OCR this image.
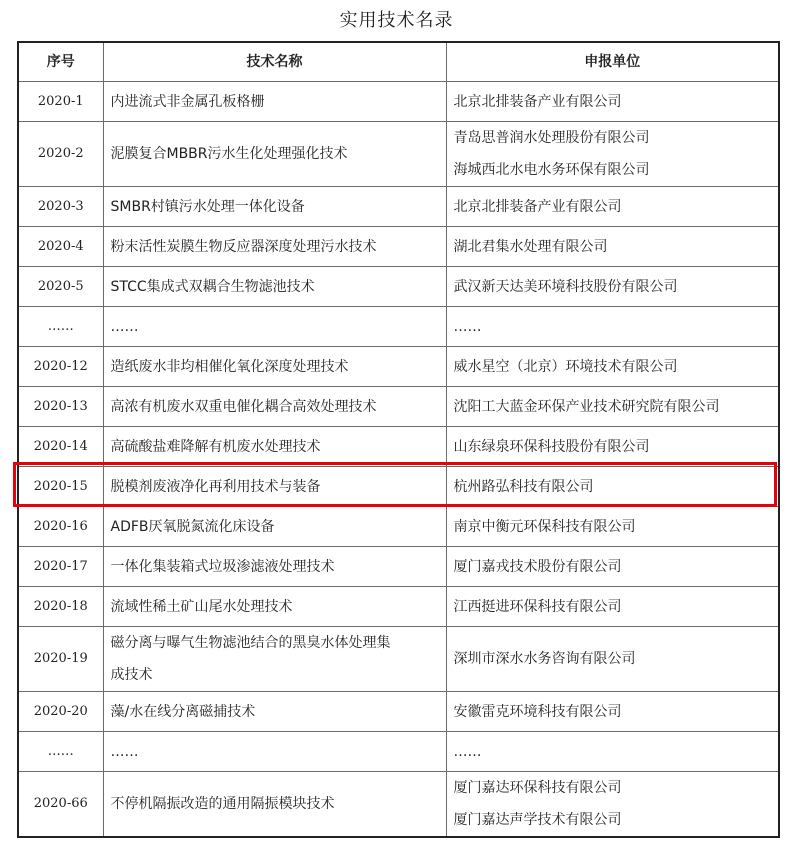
实用技术名录
序号	技术名称	申报单位
2020-1	内进流式非金属孔板格栅	北京北排装备产业有限公司

2020-2	泥膜复合MBBR污水生化处理强化技术	青岛思普润水处理股份有限公司
海城西北水电水务环保有限公司

2020-3	SMBR村镇污水处理一体化设备	北京北排装备产业有限公司

2020-4	粉末活性炭膜生物反应器深度处理污水技术	湖北君集水处理有限公司

2020-5	STCC集成式双耦合生物滤池技术	武汉新天达美环境科技股份有限公司

……	……	……

2020-12	造纸废水非均相催化氧化深度处理技术	威水星空（北京）环境技术有限公司

2020-13	高浓有机废水双重电催化耦合高效处理技术	沈阳工大蓝金环保产业技术研究院有限公司

2020-14	高硫酸盐难降解有机废水处理技术	山东绿泉环保科技股份有限公司

2020-15	脱模剂废液净化再利用技术与装备	杭州路弘科技有限公司

2020-16	ADFB厌氧脱氮流化床设备	南京中衡元环保科技有限公司

2020-17	一体化集装箱式垃圾渗滤液处理技术	厦门嘉戎技术股份有限公司

2020-18	流域性稀土矿山尾水处理技术	江西挺进环保科技有限公司

2020-19	磁分离与曝气生物滤池结合的黑臭水体处理集
成技术	深圳市深水水务咨询有限公司

2020-20	藻/水在线分离磁捕技术	安徽雷克环境科技有限公司

……	……	……

2020-66	不停机隔振改造的通用隔振模块技术	厦门嘉达环保科技有限公司
厦门嘉达声学技术有限公司
